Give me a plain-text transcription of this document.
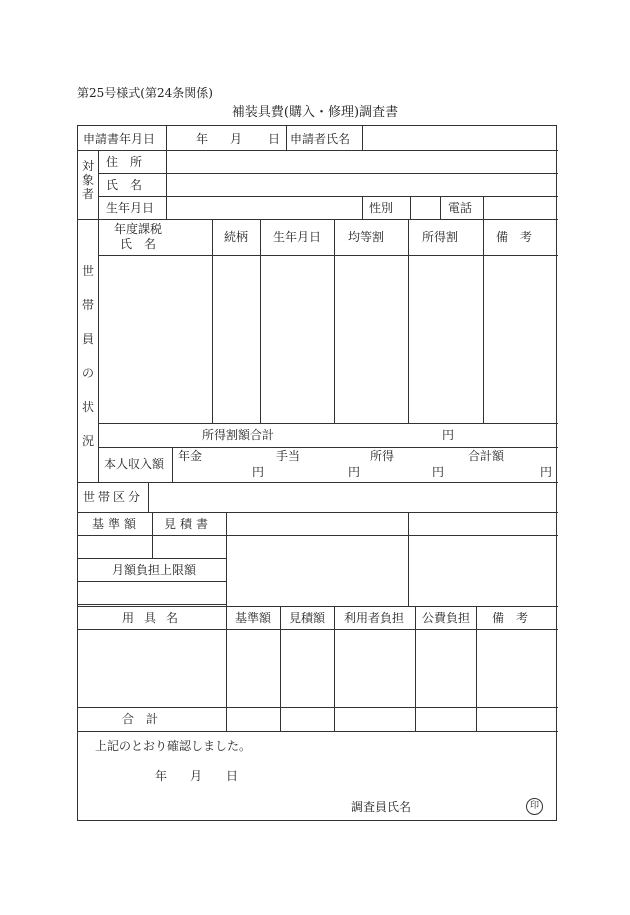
第25号様式(第24条関係)
補装具費(購入・修理)調査書
申請書年月日	年 月 日 申請者氏名
対象者
住　所
氏　名
生年月日	性別	電話
世帯員の状況
年度課税
氏　名	続柄 生年月日 均等割	所得割	備　考
所得割額合計	円
本人収入額
年金	手当	所得	合計額
円	円	円	円
世帯区分
基準額 見積書
月額負担上限額
用具名	基準額 見積額 利用者負担 公費負担 備　考
合　計
上記のとおり確認しました。
年 月 日
調査員氏名	印
